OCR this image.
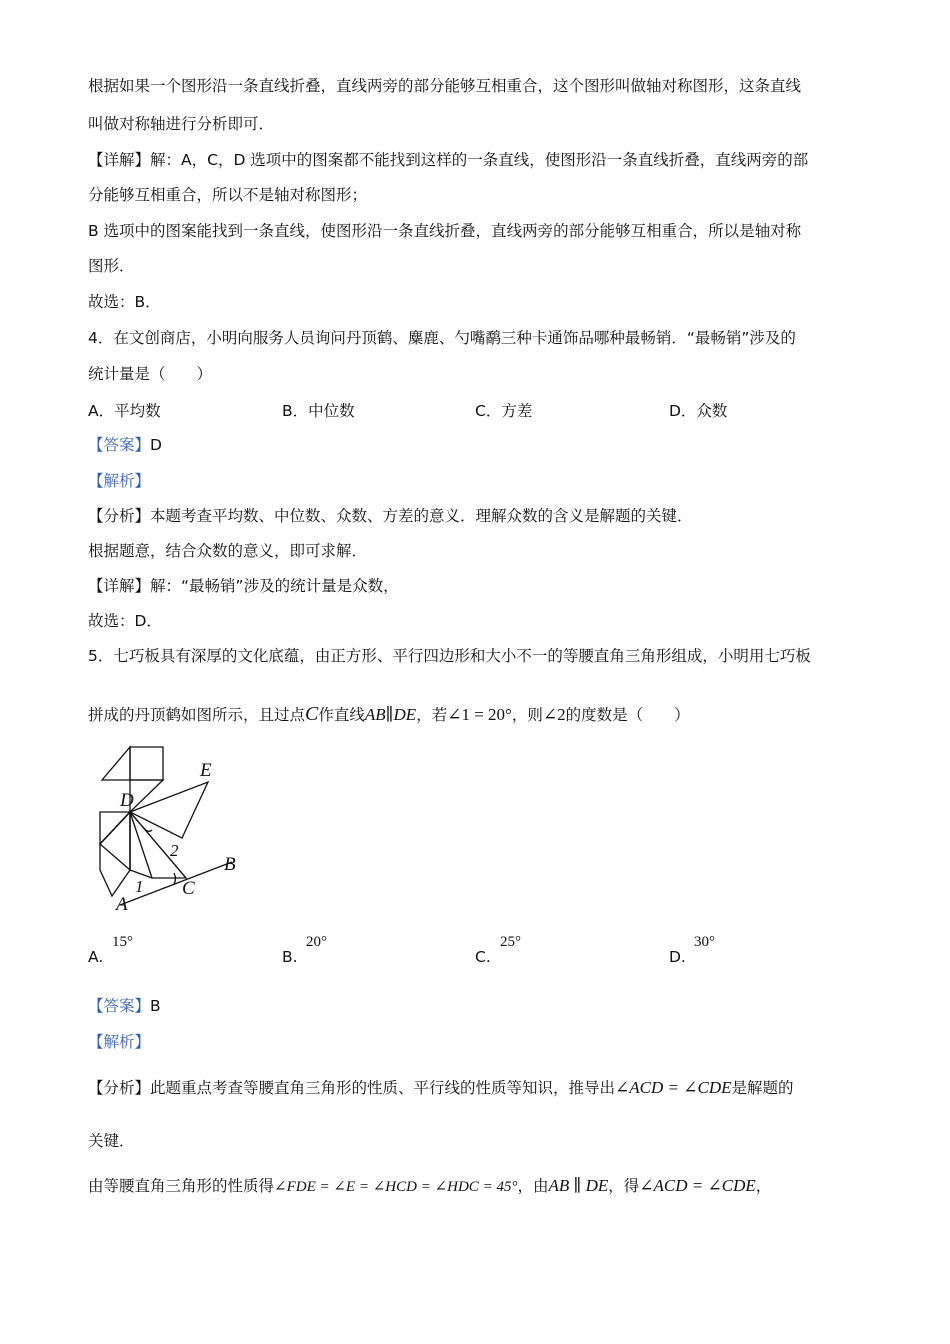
根据如果一个图形沿一条直线折叠，直线两旁的部分能够互相重合，这个图形叫做轴对称图形，这条直线
叫做对称轴进行分析即可．
【详解】解：A，C，D 选项中的图案都不能找到这样的一条直线，使图形沿一条直线折叠，直线两旁的部
分能够互相重合，所以不是轴对称图形；
B 选项中的图案能找到一条直线，使图形沿一条直线折叠，直线两旁的部分能够互相重合，所以是轴对称
图形．
故选：B．
4．在文创商店，小明向服务人员询问丹顶鹤、麋鹿、勺嘴鹬三种卡通饰品哪种最畅销．“最畅销”涉及的
统计量是（　　）
A．平均数	B．中位数	C．方差	D．众数
【答案】D
【解析】
【分析】本题考查平均数、中位数、众数、方差的意义．理解众数的含义是解题的关键．
根据题意，结合众数的意义，即可求解．
【详解】解：“最畅销”涉及的统计量是众数，
故选：D．
5．七巧板具有深厚的文化底蕴，由正方形、平行四边形和大小不一的等腰直角三角形组成，小明用七巧板
拼成的丹顶鹤如图所示，且过点C作直线AB∥DE，若∠1 = 20°，则∠2的度数是（　　）
E
D
2
B
1 C
A
A.
15°
B.
20°
C.
25°
D.
30°
【答案】B
【解析】
【分析】此题重点考查等腰直角三角形的性质、平行线的性质等知识，推导出∠ACD = ∠CDE是解题的
关键．
由等腰直角三角形的性质得∠FDE = ∠E = ∠HCD = ∠HDC = 45°，由AB ∥ DE，得∠ACD = ∠CDE，
